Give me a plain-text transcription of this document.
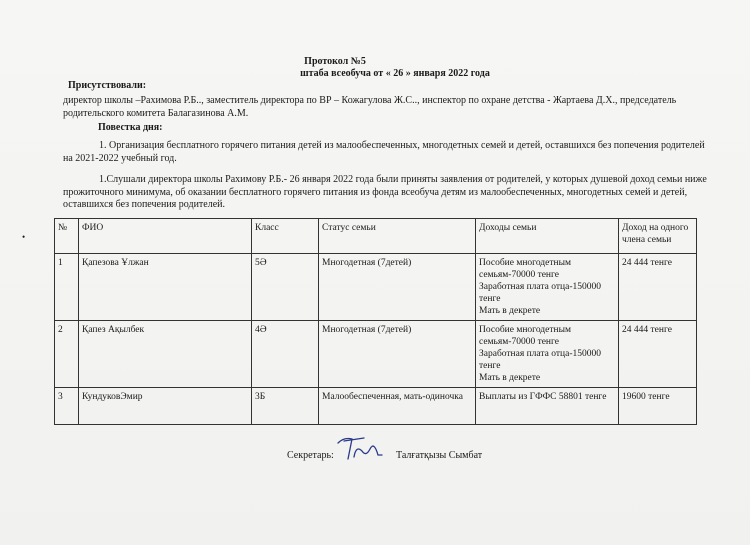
Протокол №5
штаба всеобуча от « 26 » января 2022 года
Присутствовали:
директор школы –Рахимова Р.Б.., заместитель директора по ВР – Кожагулова Ж.С.., инспектор по охране детства - Жартаева Д.Х., председатель родительского комитета Балагазинова А.М.
Повестка дня:
1. Организация бесплатного горячего питания детей из малообеспеченных, многодетных семей и детей, оставшихся без попечения родителей на 2021-2022 учебный год.
1.Слушали директора школы Рахимову Р.Б.- 26 января 2022 года были приняты заявления от родителей, у которых душевой доход семьи ниже прожиточного минимума, об оказании бесплатного горячего питания из фонда всеобуча детям из малообеспеченных, многодетных семей и детей, оставшихся без попечения родителей.
•
№	ФИО	Класс	Статус семьи	Доходы семьи	Доход на одного члена семьи
1	Қапезова Ұлжан	5Ә	Многодетная (7детей)	Пособие многодетным семьям-70000 тенге
Заработная плата отца-150000 тенге
Мать в декрете	24 444 тенге
2	Қапез Ақылбек	4Ә	Многодетная (7детей)	Пособие многодетным семьям-70000 тенге
Заработная плата отца-150000 тенге
Мать в декрете	24 444 тенге
3	КундуковЭмир	3Б	Малообеспеченная, мать-одиночка	Выплаты из ГФФС 58801 тенге	19600 тенге
Секретарь:	Талғатқызы Сымбат
